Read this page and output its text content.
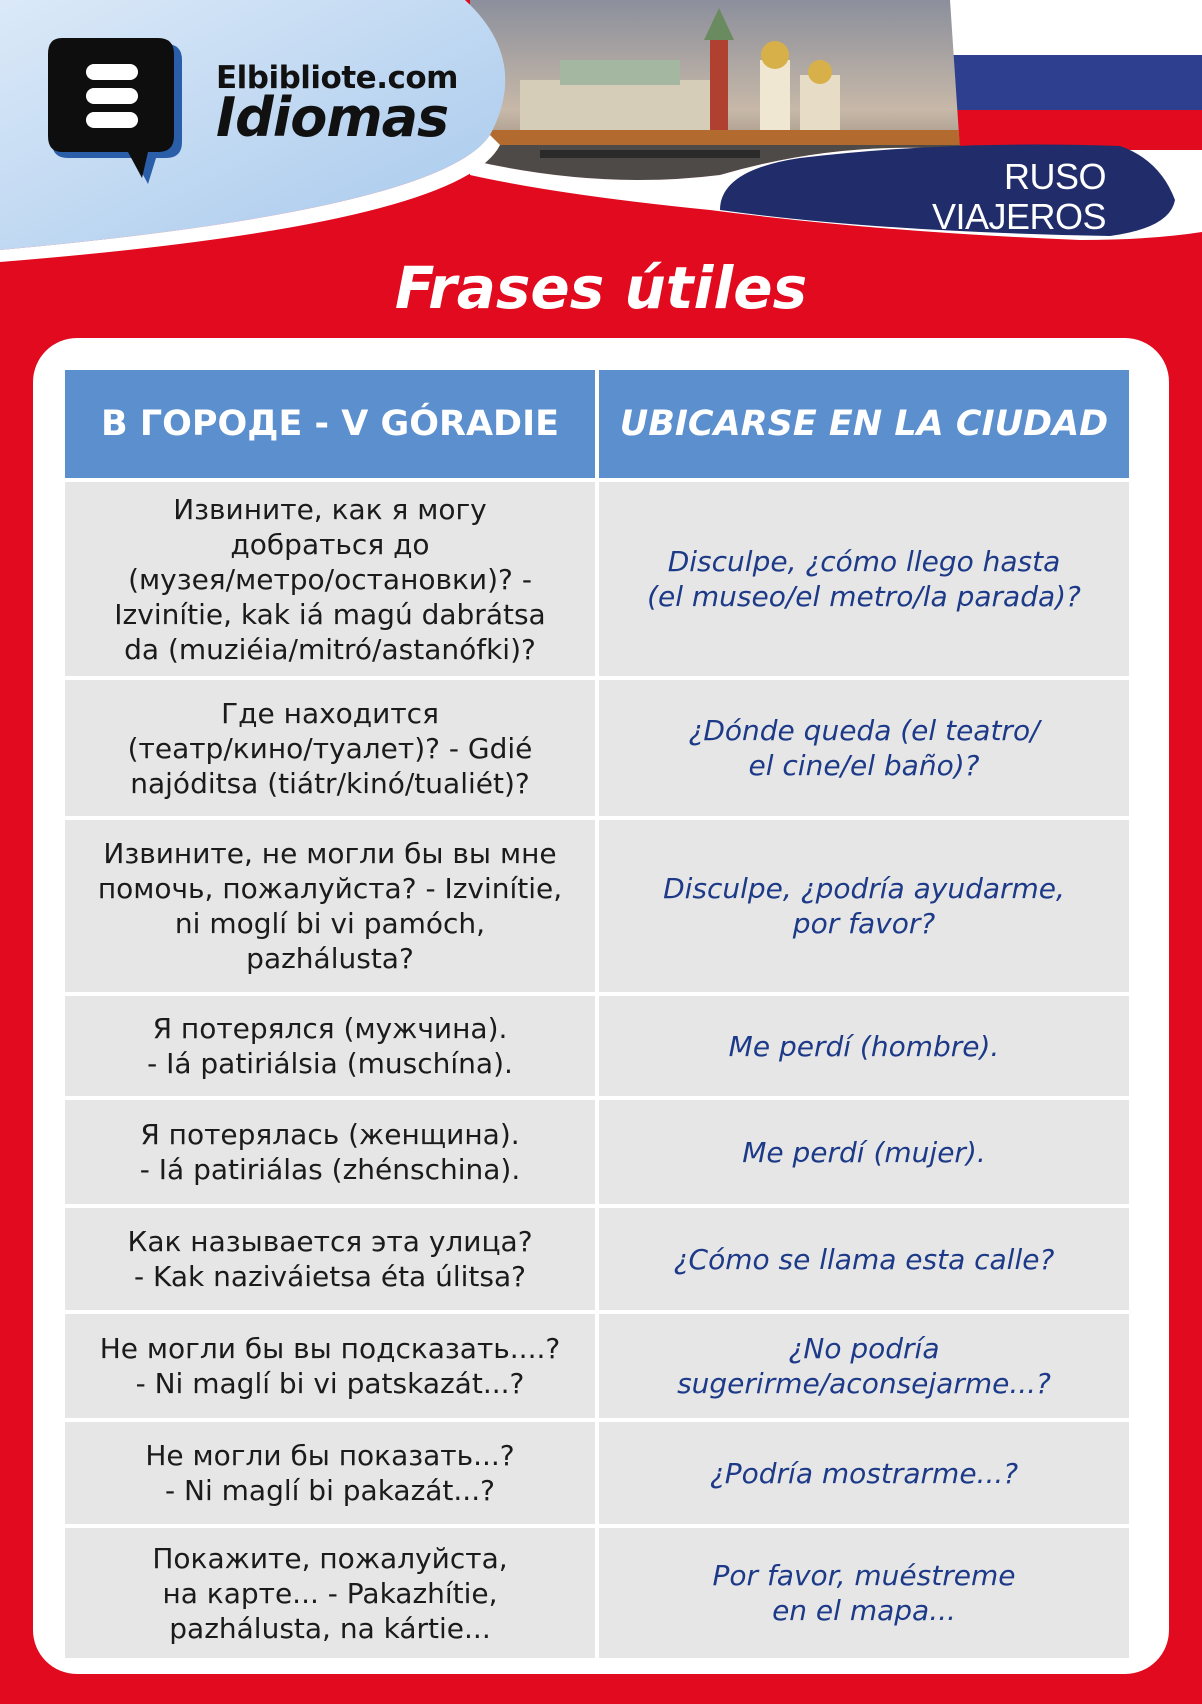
Elbibliote.com
Idiomas
RUSO
VIAJEROS
Frases útiles
В ГОРОДЕ - V GÓRADIE	UBICARSE EN LA CIUDAD

Извините, как я могу
добраться до
(музея/метро/остановки)? -
Izvinítie, kak iá magú dabrátsa
da (muziéia/mitró/astanófki)?	Disculpe, ¿cómo llego hasta
(el museo/el metro/la parada)?

Где находится
(театр/кино/туалет)? - Gdié
najóditsa (tiátr/kinó/tualiét)?	¿Dónde queda (el teatro/
el cine/el baño)?

Извините, не могли бы вы мне
помочь, пожалуйста? - Izvinítie,
ni moglí bi vi pamóch,
pazhálusta?	Disculpe, ¿podría ayudarme,
por favor?

Я потерялся (мужчина).
- Iá patiriálsia (muschína).	Me perdí (hombre).

Я потерялась (женщина).
- Iá patiriálas (zhénschina).	Me perdí (mujer).

Как называется эта улица?
- Kak naziváietsa éta úlitsa?	¿Cómo se llama esta calle?

Не могли бы вы подсказать....?
- Ni maglí bi vi patskazát...?	¿No podría
sugerirme/aconsejarme...?

Не могли бы показать...?
- Ni maglí bi pakazát...?	¿Podría mostrarme...?

Покажите, пожалуйста,
на карте... - Pakazhítie,
pazhálusta, na kártie...	Por favor, muéstreme
en el mapa...
